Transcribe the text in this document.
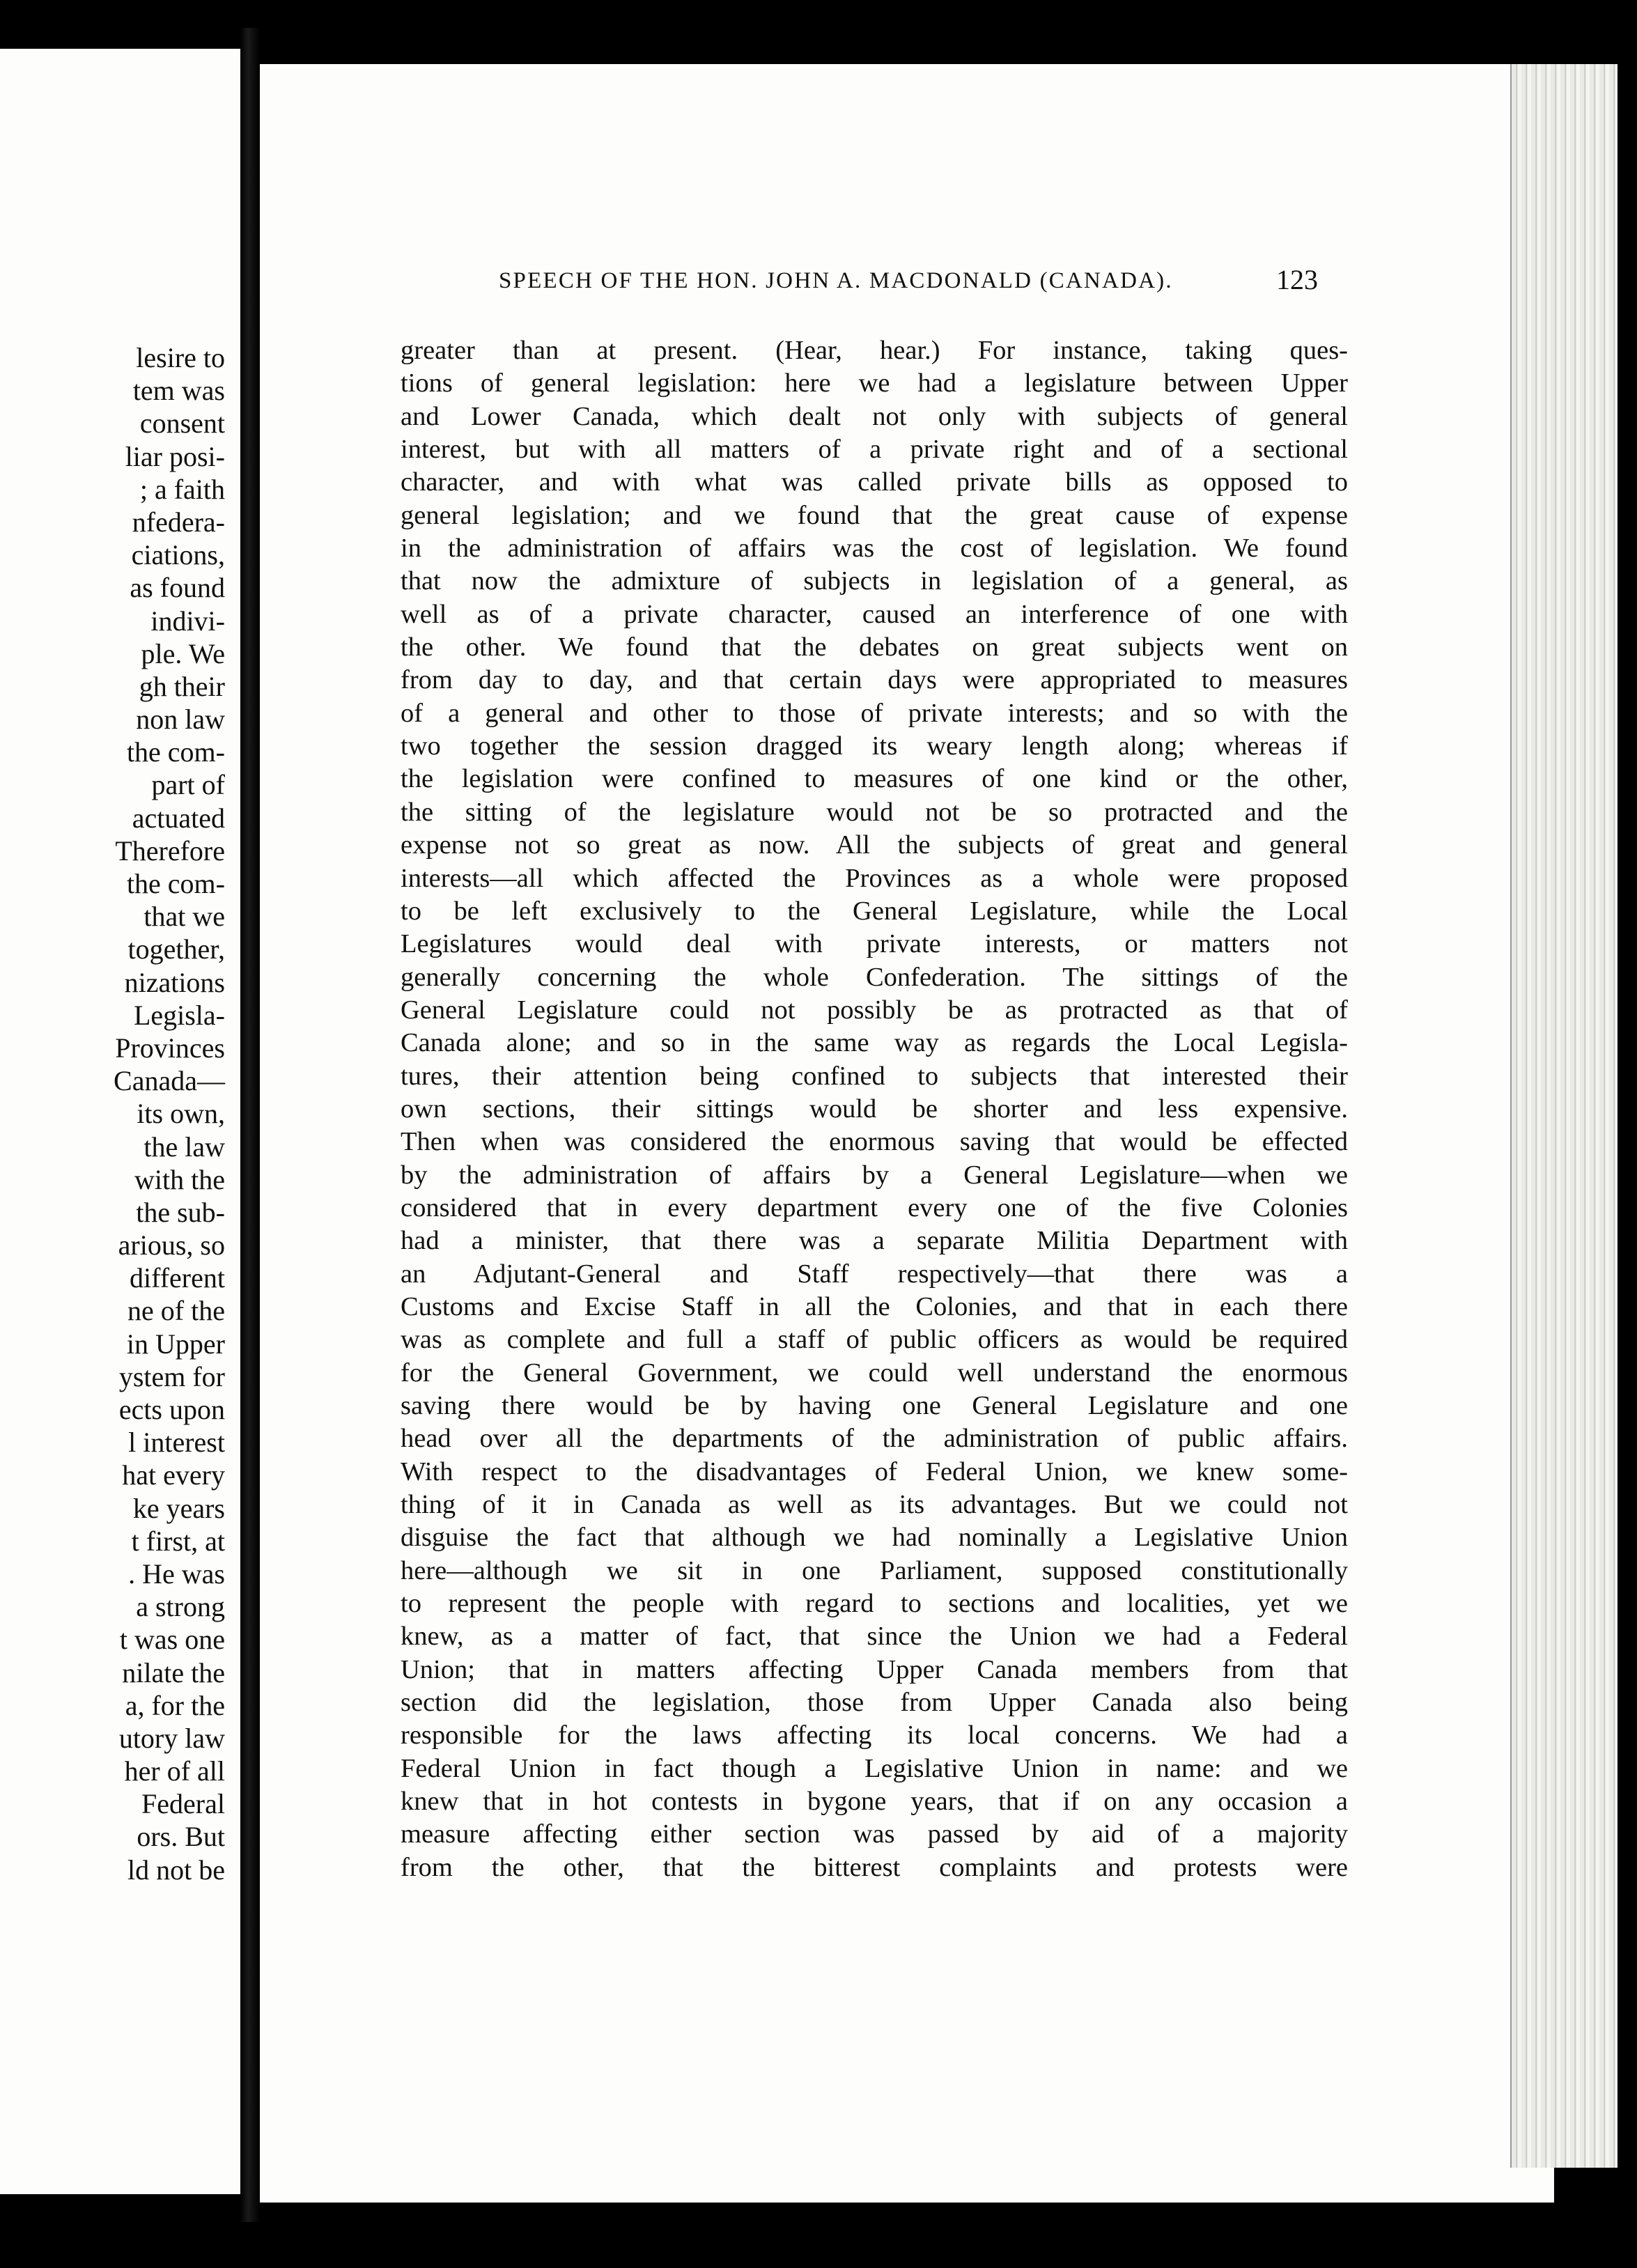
lesire to
tem was
consent
liar posi-
; a faith
nfedera-
ciations,
as found
indivi-
ple. We
gh their
non law
the com-
part of
actuated
Therefore
the com-
that we
together,
nizations
Legisla-
Provinces
Canada—
its own,
the law
with the
the sub-
arious, so
different
ne of the
in Upper
ystem for
ects upon
l interest
hat every
ke years
t first, at
. He was
a strong
t was one
nilate the
a, for the
utory law
her of all
Federal
ors. But
ld not be
SPEECH OF THE HON. JOHN A. MACDONALD (CANADA).	123
greater than at present. (Hear, hear.) For instance, taking ques-
tions of general legislation: here we had a legislature between Upper
and Lower Canada, which dealt not only with subjects of general
interest, but with all matters of a private right and of a sectional
character, and with what was called private bills as opposed to
general legislation; and we found that the great cause of expense
in the administration of affairs was the cost of legislation. We found
that now the admixture of subjects in legislation of a general, as
well as of a private character, caused an interference of one with
the other. We found that the debates on great subjects went on
from day to day, and that certain days were appropriated to measures
of a general and other to those of private interests; and so with the
two together the session dragged its weary length along; whereas if
the legislation were confined to measures of one kind or the other,
the sitting of the legislature would not be so protracted and the
expense not so great as now. All the subjects of great and general
interests—all which affected the Provinces as a whole were proposed
to be left exclusively to the General Legislature, while the Local
Legislatures would deal with private interests, or matters not
generally concerning the whole Confederation. The sittings of the
General Legislature could not possibly be as protracted as that of
Canada alone; and so in the same way as regards the Local Legisla-
tures, their attention being confined to subjects that interested their
own sections, their sittings would be shorter and less expensive.
Then when was considered the enormous saving that would be effected
by the administration of affairs by a General Legislature—when we
considered that in every department every one of the five Colonies
had a minister, that there was a separate Militia Department with
an Adjutant-General and Staff respectively—that there was a
Customs and Excise Staff in all the Colonies, and that in each there
was as complete and full a staff of public officers as would be required
for the General Government, we could well understand the enormous
saving there would be by having one General Legislature and one
head over all the departments of the administration of public affairs.
With respect to the disadvantages of Federal Union, we knew some-
thing of it in Canada as well as its advantages. But we could not
disguise the fact that although we had nominally a Legislative Union
here—although we sit in one Parliament, supposed constitutionally
to represent the people with regard to sections and localities, yet we
knew, as a matter of fact, that since the Union we had a Federal
Union; that in matters affecting Upper Canada members from that
section did the legislation, those from Upper Canada also being
responsible for the laws affecting its local concerns. We had a
Federal Union in fact though a Legislative Union in name: and we
knew that in hot contests in bygone years, that if on any occasion a
measure affecting either section was passed by aid of a majority
from the other, that the bitterest complaints and protests were
